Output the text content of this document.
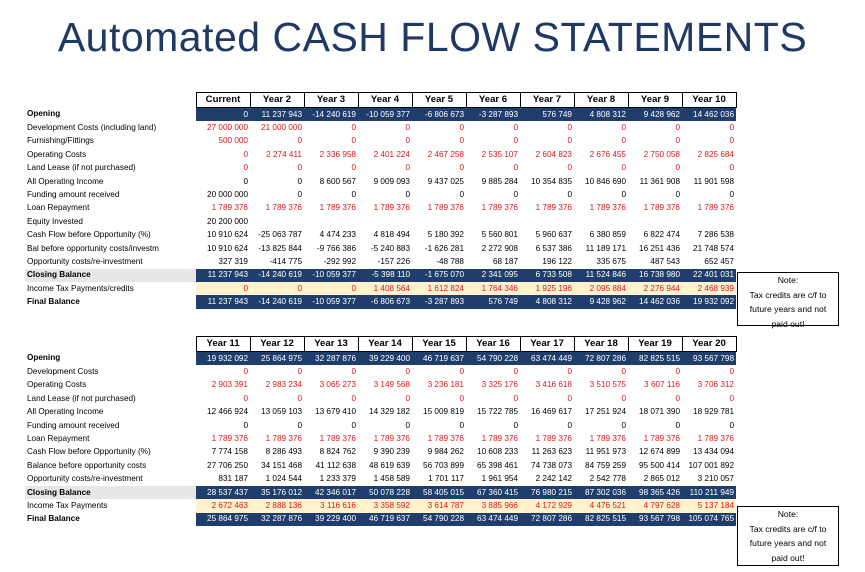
Automated CASH FLOW STATEMENTS
	Current	Year 2	Year 3	Year 4	Year 5	Year 6	Year 7	Year 8	Year 9	Year 10
Opening	0	11 237 943	-14 240 619	-10 059 377	-6 806 673	-3 287 893	576 749	4 808 312	9 428 962	14 462 036
Development Costs (including land)	27 000 000	21 000 000	0	0	0	0	0	0	0	0
Furnishing/Fittings	500 000	0	0	0	0	0	0	0	0	0
Operating Costs	0	2 274 411	2 336 958	2 401 224	2 467 258	2 535 107	2 604 823	2 676 455	2 750 058	2 825 684
Land Lease (if not purchased)	0	0	0	0	0	0	0	0	0	0
All Operating Income	0	0	8 600 567	9 009 093	9 437 025	9 885 284	10 354 835	10 846 690	11 361 908	11 901 598
Funding amount received	20 000 000	0	0	0	0	0	0	0	0	0
Loan Repayment	1 789 376	1 789 376	1 789 376	1 789 376	1 789 376	1 789 376	1 789 376	1 789 376	1 789 376	1 789 376
Equity Invested	20 200 000									
Cash Flow before Opportunity (%)	10 910 624	-25 063 787	4 474 233	4 818 494	5 180 392	5 560 801	5 960 637	6 380 859	6 822 474	7 286 538
Bal before opportunity costs/investm	10 910 624	-13 825 844	-9 766 386	-5 240 883	-1 626 281	2 272 908	6 537 386	11 189 171	16 251 436	21 748 574
Opportunity costs/re-investment	327 319	-414 775	-292 992	-157 226	-48 788	68 187	196 122	335 675	487 543	652 457
Closing Balance	11 237 943	-14 240 619	-10 059 377	-5 398 110	-1 675 070	2 341 095	6 733 508	11 524 846	16 738 980	22 401 031
Income Tax Payments/credits	0	0	0	1 408 564	1 612 824	1 764 346	1 925 196	2 095 884	2 276 944	2 468 939
Final Balance	11 237 943	-14 240 619	-10 059 377	-6 806 673	-3 287 893	576 749	4 808 312	9 428 962	14 462 036	19 932 092
	Year 11	Year 12	Year 13	Year 14	Year 15	Year 16	Year 17	Year 18	Year 19	Year 20
Opening	19 932 092	25 864 975	32 287 876	39 229 400	46 719 637	54 790 228	63 474 449	72 807 286	82 825 515	93 567 798
Development Costs	0	0	0	0	0	0	0	0	0	0
Operating Costs	2 903 391	2 983 234	3 065 273	3 149 568	3 236 181	3 325 176	3 416 618	3 510 575	3 607 116	3 706 312
Land Lease (if not purchased)	0	0	0	0	0	0	0	0	0	0
All Operating Income	12 466 924	13 059 103	13 679 410	14 329 182	15 009 819	15 722 785	16 469 617	17 251 924	18 071 390	18 929 781
Funding amount received	0	0	0	0	0	0	0	0	0	0
Loan Repayment	1 789 376	1 789 376	1 789 376	1 789 376	1 789 376	1 789 376	1 789 376	1 789 376	1 789 376	1 789 376
Cash Flow before Opportunity (%)	7 774 158	8 286 493	8 824 762	9 390 239	9 984 262	10 608 233	11 263 623	11 951 973	12 674 899	13 434 094
Balance before opportunity costs	27 706 250	34 151 468	41 112 638	48 619 639	56 703 899	65 398 461	74 738 073	84 759 259	95 500 414	107 001 892
Opportunity costs/re-investment	831 187	1 024 544	1 233 379	1 458 589	1 701 117	1 961 954	2 242 142	2 542 778	2 865 012	3 210 057
Closing Balance	28 537 437	35 176 012	42 346 017	50 078 228	58 405 015	67 360 415	76 980 215	87 302 036	98 365 426	110 211 949
Income Tax Payments	2 672 463	2 888 136	3 116 616	3 358 592	3 614 787	3 885 966	4 172 929	4 476 521	4 797 628	5 137 184
Final Balance	25 864 975	32 287 876	39 229 400	46 719 637	54 790 228	63 474 449	72 807 286	82 825 515	93 567 798	105 074 765
Note:
Tax credits are c/f to
future years and not
paid out!
Note:
Tax credits are c/f to
future years and not
paid out!
